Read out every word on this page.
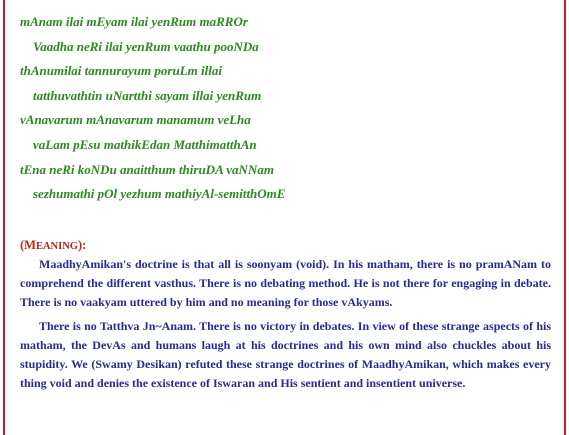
mAnam ilai mEyam ilai yenRum maRROr
Vaadha neRi ilai yenRum vaathu pooNDa
thAnumilai tannurayum poruLm illai
tatthuvathtin uNartthi sayam illai yenRum
vAnavarum mAnavarum manamum veLha
vaLam pEsu mathikEdan MatthimatthAn
tEna neRi koNDu anaitthum thiruDA vaNNam
sezhumathi pOl yezhum mathiyAl-semitthOmE
(MEANING):

MaadhyAmikan's doctrine is that all is soonyam (void). In his matham, there is no pramANam to comprehend the different vasthus. There is no debating method. He is not there for engaging in debate. There is no vaakyam uttered by him and no meaning for those vAkyams.

There is no Tatthva Jn~Anam. There is no victory in debates. In view of these strange aspects of his matham, the DevAs and humans laugh at his doctrines and his own mind also chuckles about his stupidity. We (Swamy Desikan) refuted these strange doctrines of MaadhyAmikan, which makes every thing void and denies the existence of Iswaran and His sentient and insentient universe.
